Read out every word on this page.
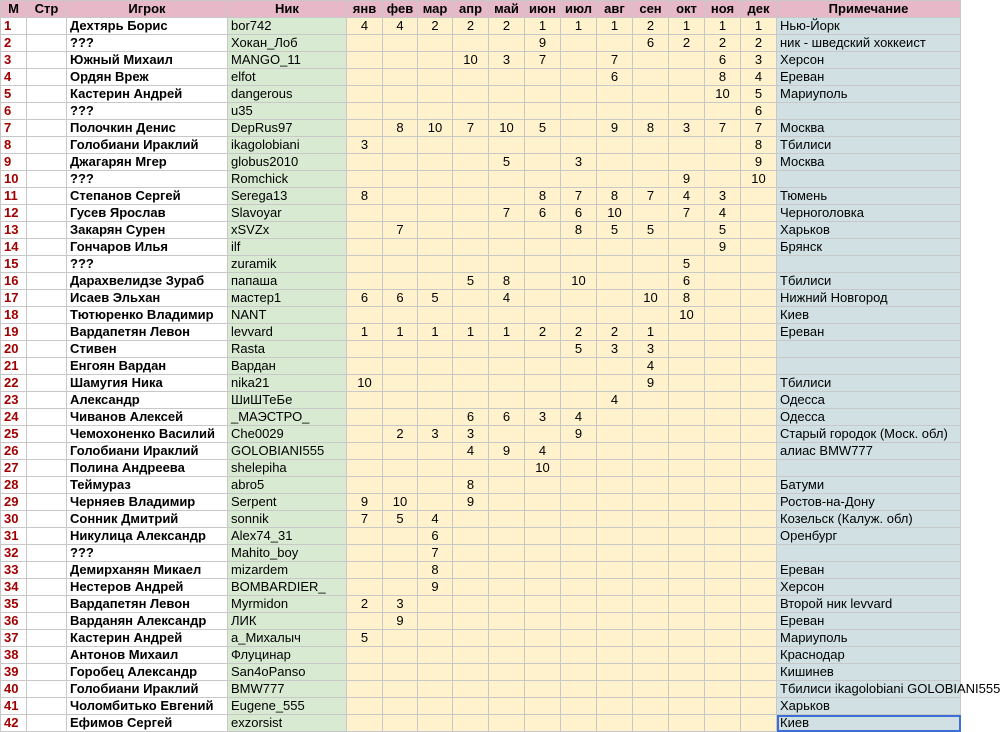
М	Стр	Игрок	Ник	янв	фев	мар	апр	май	июн	июл	авг	сен	окт	ноя	дек	Примечание
1		Дехтярь Борис	bor742	4	4	2	2	2	1	1	1	2	1	1	1	Нью-Йорк
2		???	Хокан_Лоб						9			6	2	2	2	ник - шведский хоккеист
3		Южный Михаил	MANGO_11				10	3	7		7			6	3	Херсон
4		Ордян Вреж	elfot								6			8	4	Ереван
5		Кастерин Андрей	dangerous											10	5	Мариуполь
6		???	u35												6	
7		Полочкин Денис	DepRus97		8	10	7	10	5		9	8	3	7	7	Москва
8		Голобиани Ираклий	ikagolobiani	3											8	Тбилиси
9		Джагарян Мгер	globus2010					5		3					9	Москва
10		???	Romchick										9		10	
11		Степанов Сергей	Serega13	8					8	7	8	7	4	3		Тюмень
12		Гусев Ярослав	Slavoyar					7	6	6	10		7	4		Черноголовка
13		Закарян Сурен	xSVZx		7					8	5	5		5		Харьков
14		Гончаров Илья	ilf											9		Брянск
15		???	zuramik										5			
16		Дарахвелидзе Зураб	папаша				5	8		10			6			Тбилиси
17		Исаев Эльхан	мастер1	6	6	5		4				10	8			Нижний Новгород
18		Тютюренко Владимир	NANT										10			Киев
19		Вардапетян Левон	levvard	1	1	1	1	1	2	2	2	1				Ереван
20		Стивен	Rasta							5	3	3				
21		Енгоян Вардан	Вардан									4				
22		Шамугия Ника	nika21	10								9				Тбилиси
23		Александр	ШиШТеБе								4					Одесса
24		Чиванов Алексей	_МАЭСТРО_				6	6	3	4						Одесса
25		Чемохоненко Василий	Che0029		2	3	3			9						Старый городок (Моск. обл)
26		Голобиани Ираклий	GOLOBIANI555				4	9	4							алиас BMW777
27		Полина Андреева	shelepiha						10							
28		Теймураз	abro5				8									Батуми
29		Черняев Владимир	Serpent	9	10		9									Ростов-на-Дону
30		Сонник Дмитрий	sonnik	7	5	4										Козельск (Калуж. обл)
31		Никулица Александр	Alex74_31			6										Оренбург
32		???	Mahito_boy			7										
33		Демирханян Микаел	mizardem			8										Ереван
34		Нестеров Андрей	BOMBARDIER_			9										Херсон
35		Вардапетян Левон	Myrmidon	2	3											Второй ник levvard
36		Варданян Александр	ЛИК		9											Ереван
37		Кастерин Андрей	а_Михалыч	5												Мариуполь
38		Антонов Михаил	Флуцинар													Краснодар
39		Горобец Александр	San4oPanso													Кишинев
40		Голобиани Ираклий	BMW777													Тбилиси ikagolobiani GOLOBIANI555
41		Чоломбитько Евгений	Eugene_555													Харьков
42		Ефимов Сергей	exzorsist													Киев
